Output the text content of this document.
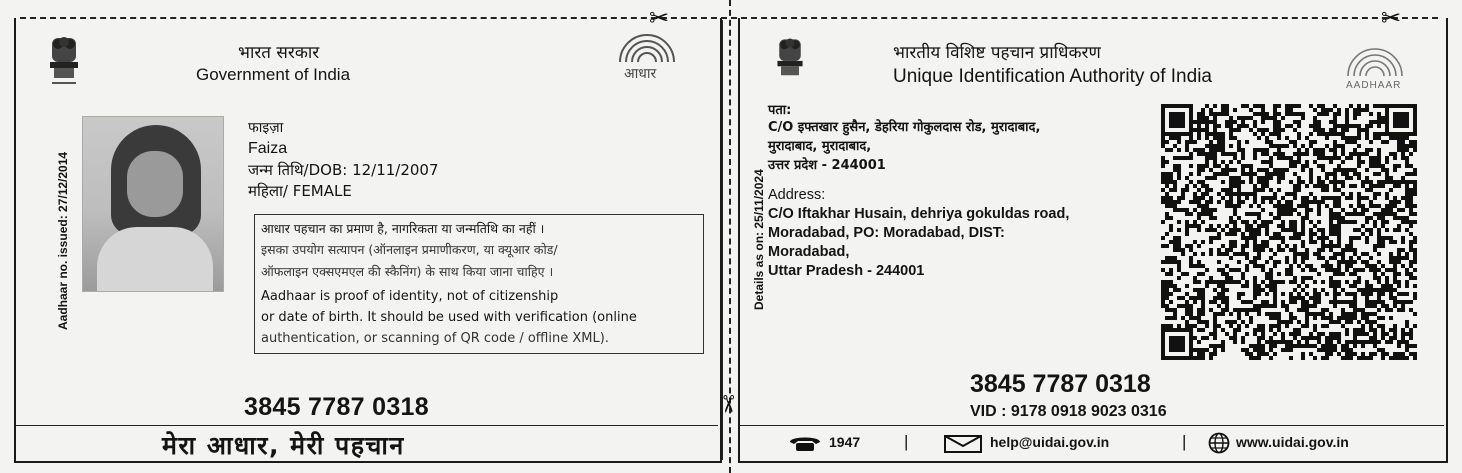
✂	✂
✂
भारत सरकार
Government of India	आधार
Aadhaar no. issued: 27/12/2014
फाइज़ा
Faiza
जन्म तिथि/DOB: 12/11/2007
महिला/ FEMALE
आधार पहचान का प्रमाण है, नागरिकता या जन्मतिथि का नहीं ।
इसका उपयोग सत्यापन (ऑनलाइन प्रमाणीकरण, या क्यूआर कोड/
ऑफलाइन एक्सएमएल की स्कैनिंग) के साथ किया जाना चाहिए ।
Aadhaar is proof of identity, not of citizenship
or date of birth. It should be used with verification (online
authentication, or scanning of QR code / offline XML).
3845 7787 0318
मेरा आधार, मेरी पहचान
भारतीय विशिष्ट पहचान प्राधिकरण
Unique Identification Authority of India	AADHAAR
Details as on: 25/11/2024
पता:
C/O इफ्तखार हुसैन, डेहरिया गोकुलदास रोड, मुरादाबाद,
मुरादाबाद, मुरादाबाद,
उत्तर प्रदेश - 244001
Address:
C/O Iftakhar Husain, dehriya gokuldas road,
Moradabad, PO: Moradabad, DIST:
Moradabad,
Uttar Pradesh - 244001
3845 7787 0318
VID : 9178 0918 9023 0316
1947	|	help@uidai.gov.in	|	www.uidai.gov.in
